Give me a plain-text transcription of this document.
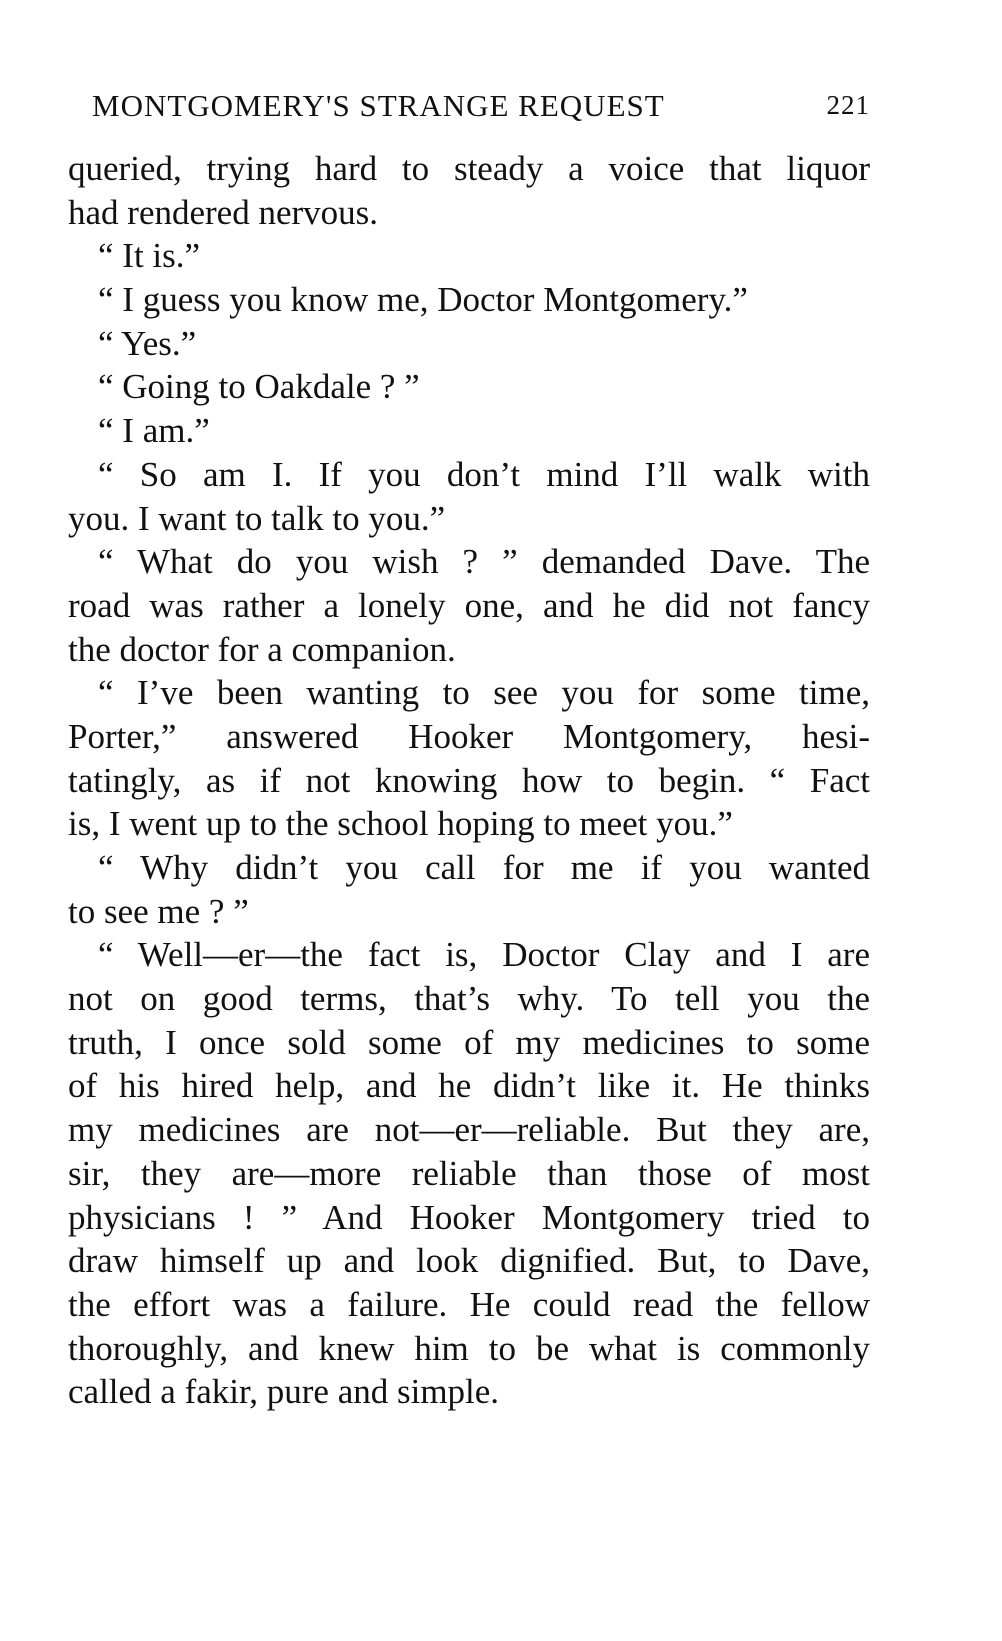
MONTGOMERY'S STRANGE REQUEST	221
queried, trying hard to steady a voice that liquor
had rendered nervous.
“ It is.”
“ I guess you know me, Doctor Montgomery.”
“ Yes.”
“ Going to Oakdale ? ”
“ I am.”
“ So am I. If you don’t mind I’ll walk with
you. I want to talk to you.”
“ What do you wish ? ” demanded Dave. The
road was rather a lonely one, and he did not fancy
the doctor for a companion.
“ I’ve been wanting to see you for some time,
Porter,” answered Hooker Montgomery, hesi-
tatingly, as if not knowing how to begin. “ Fact
is, I went up to the school hoping to meet you.”
“ Why didn’t you call for me if you wanted
to see me ? ”
“ Well—er—the fact is, Doctor Clay and I are
not on good terms, that’s why. To tell you the
truth, I once sold some of my medicines to some
of his hired help, and he didn’t like it. He thinks
my medicines are not—er—reliable. But they are,
sir, they are—more reliable than those of most
physicians ! ” And Hooker Montgomery tried to
draw himself up and look dignified. But, to Dave,
the effort was a failure. He could read the fellow
thoroughly, and knew him to be what is commonly
called a fakir, pure and simple.
